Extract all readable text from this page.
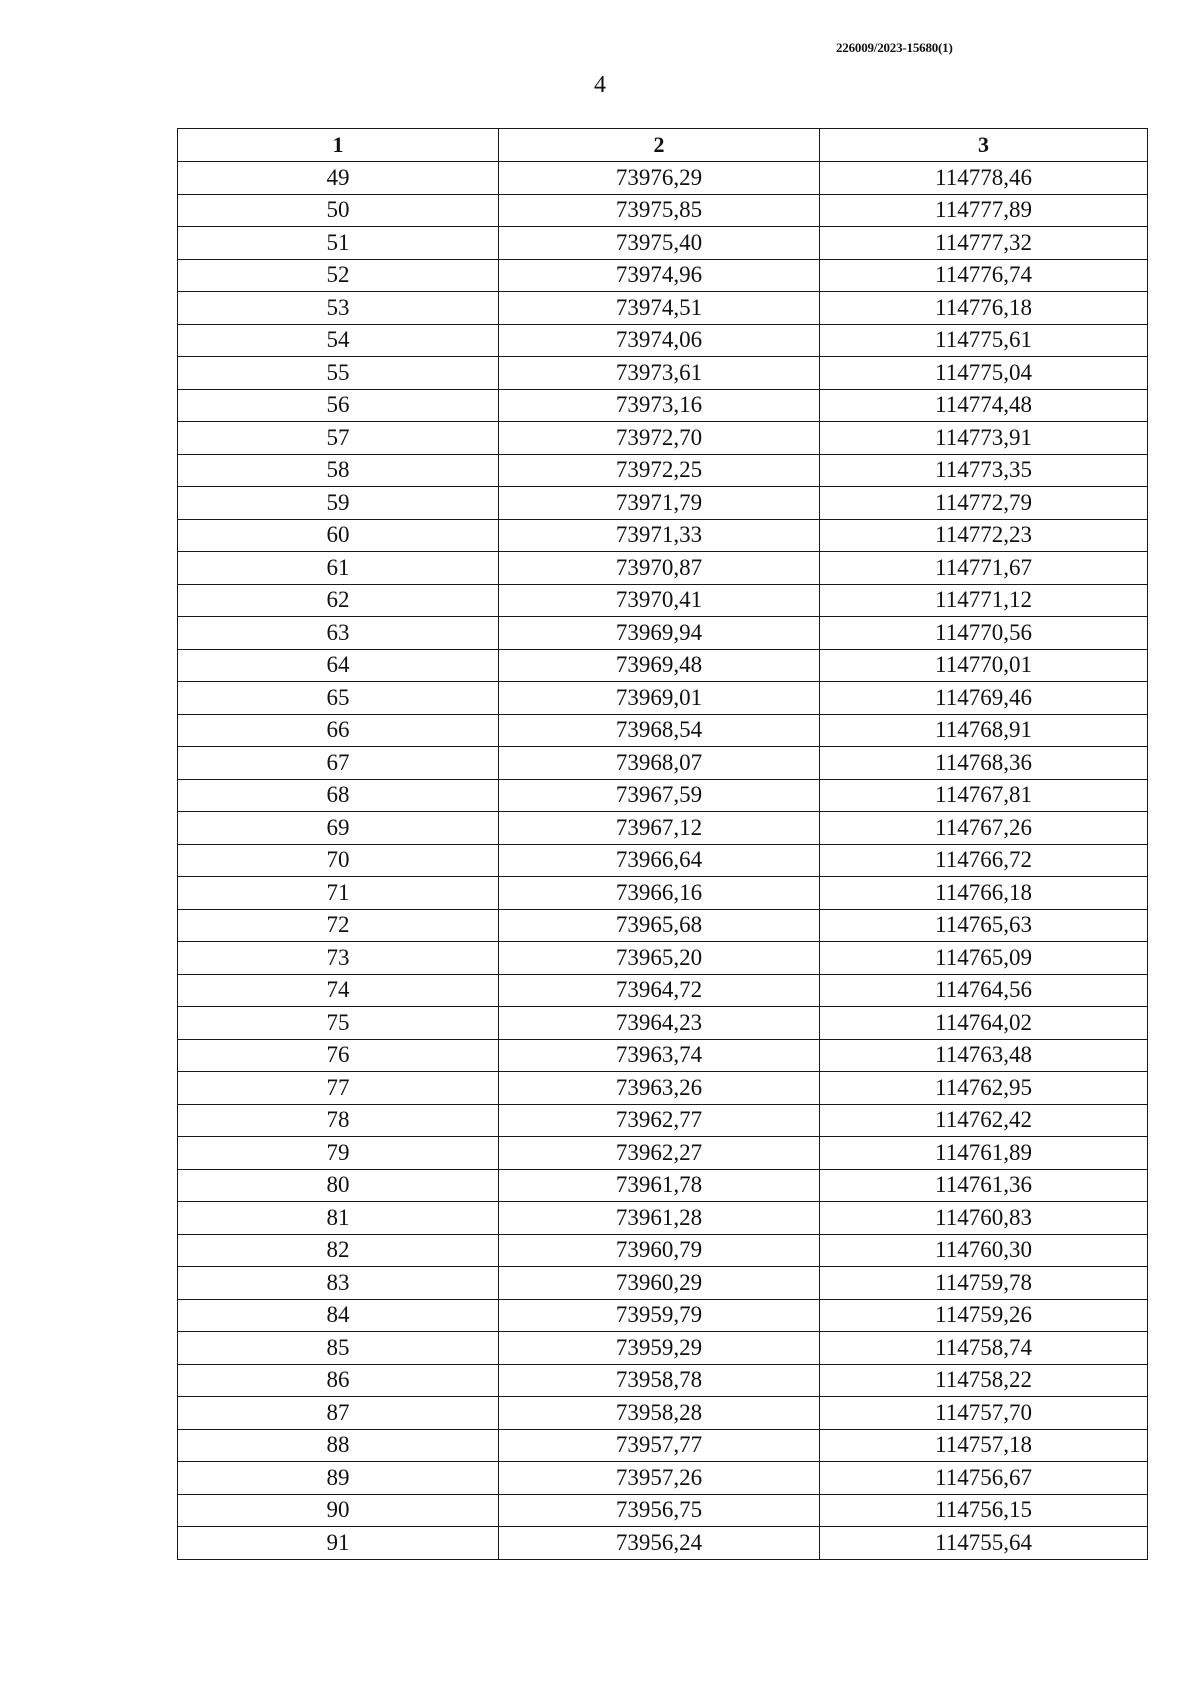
226009/2023-15680(1)
4
1	2	3
49	73976,29	114778,46
50	73975,85	114777,89
51	73975,40	114777,32
52	73974,96	114776,74
53	73974,51	114776,18
54	73974,06	114775,61
55	73973,61	114775,04
56	73973,16	114774,48
57	73972,70	114773,91
58	73972,25	114773,35
59	73971,79	114772,79
60	73971,33	114772,23
61	73970,87	114771,67
62	73970,41	114771,12
63	73969,94	114770,56
64	73969,48	114770,01
65	73969,01	114769,46
66	73968,54	114768,91
67	73968,07	114768,36
68	73967,59	114767,81
69	73967,12	114767,26
70	73966,64	114766,72
71	73966,16	114766,18
72	73965,68	114765,63
73	73965,20	114765,09
74	73964,72	114764,56
75	73964,23	114764,02
76	73963,74	114763,48
77	73963,26	114762,95
78	73962,77	114762,42
79	73962,27	114761,89
80	73961,78	114761,36
81	73961,28	114760,83
82	73960,79	114760,30
83	73960,29	114759,78
84	73959,79	114759,26
85	73959,29	114758,74
86	73958,78	114758,22
87	73958,28	114757,70
88	73957,77	114757,18
89	73957,26	114756,67
90	73956,75	114756,15
91	73956,24	114755,64
